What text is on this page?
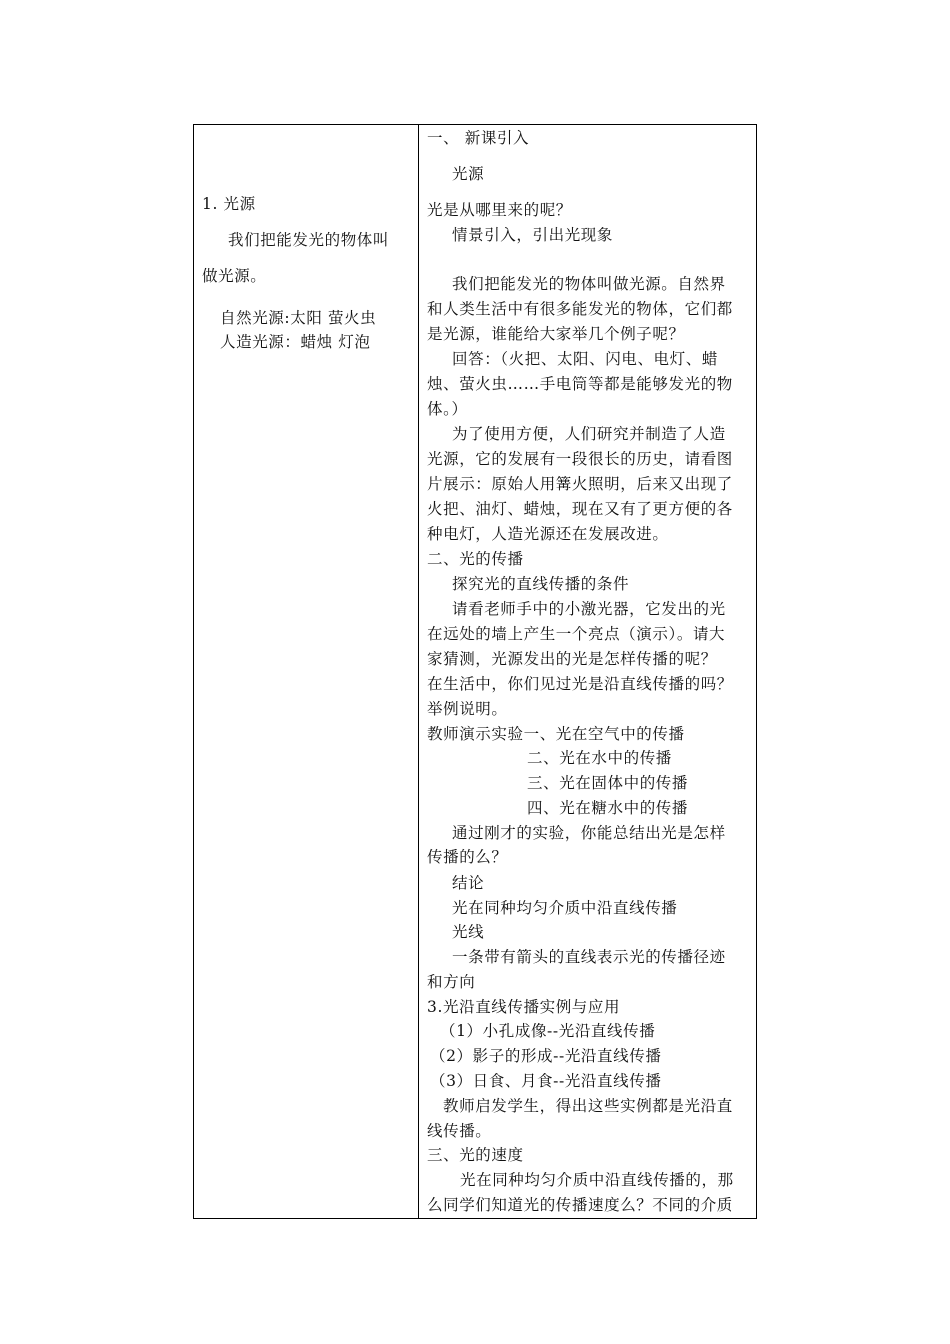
1. 光源
我们把能发光的物体叫
做光源。
自然光源:太阳 萤火虫
人造光源：蜡烛 灯泡
一、 新课引入
光源
光是从哪里来的呢？
情景引入，引出光现象
我们把能发光的物体叫做光源。自然界
和人类生活中有很多能发光的物体，它们都
是光源，谁能给大家举几个例子呢？
回答：（火把、太阳、闪电、电灯、蜡
烛、萤火虫……手电筒等都是能够发光的物
体。）
为了使用方便，人们研究并制造了人造
光源，它的发展有一段很长的历史，请看图
片展示：原始人用篝火照明，后来又出现了
火把、油灯、蜡烛，现在又有了更方便的各
种电灯，人造光源还在发展改进。
二、光的传播
探究光的直线传播的条件
请看老师手中的小激光器，它发出的光
在远处的墙上产生一个亮点（演示）。请大
家猜测，光源发出的光是怎样传播的呢？
在生活中，你们见过光是沿直线传播的吗？
举例说明。
教师演示实验一、光在空气中的传播
二、光在水中的传播
三、光在固体中的传播
四、光在糖水中的传播
通过刚才的实验，你能总结出光是怎样
传播的么？
结论
光在同种均匀介质中沿直线传播
光线
一条带有箭头的直线表示光的传播径迹
和方向
3.光沿直线传播实例与应用
（1）小孔成像--光沿直线传播
（2）影子的形成--光沿直线传播
（3）日食、月食--光沿直线传播
教师启发学生，得出这些实例都是光沿直
线传播。
三、光的速度
光在同种均匀介质中沿直线传播的，那
么同学们知道光的传播速度么？不同的介质
